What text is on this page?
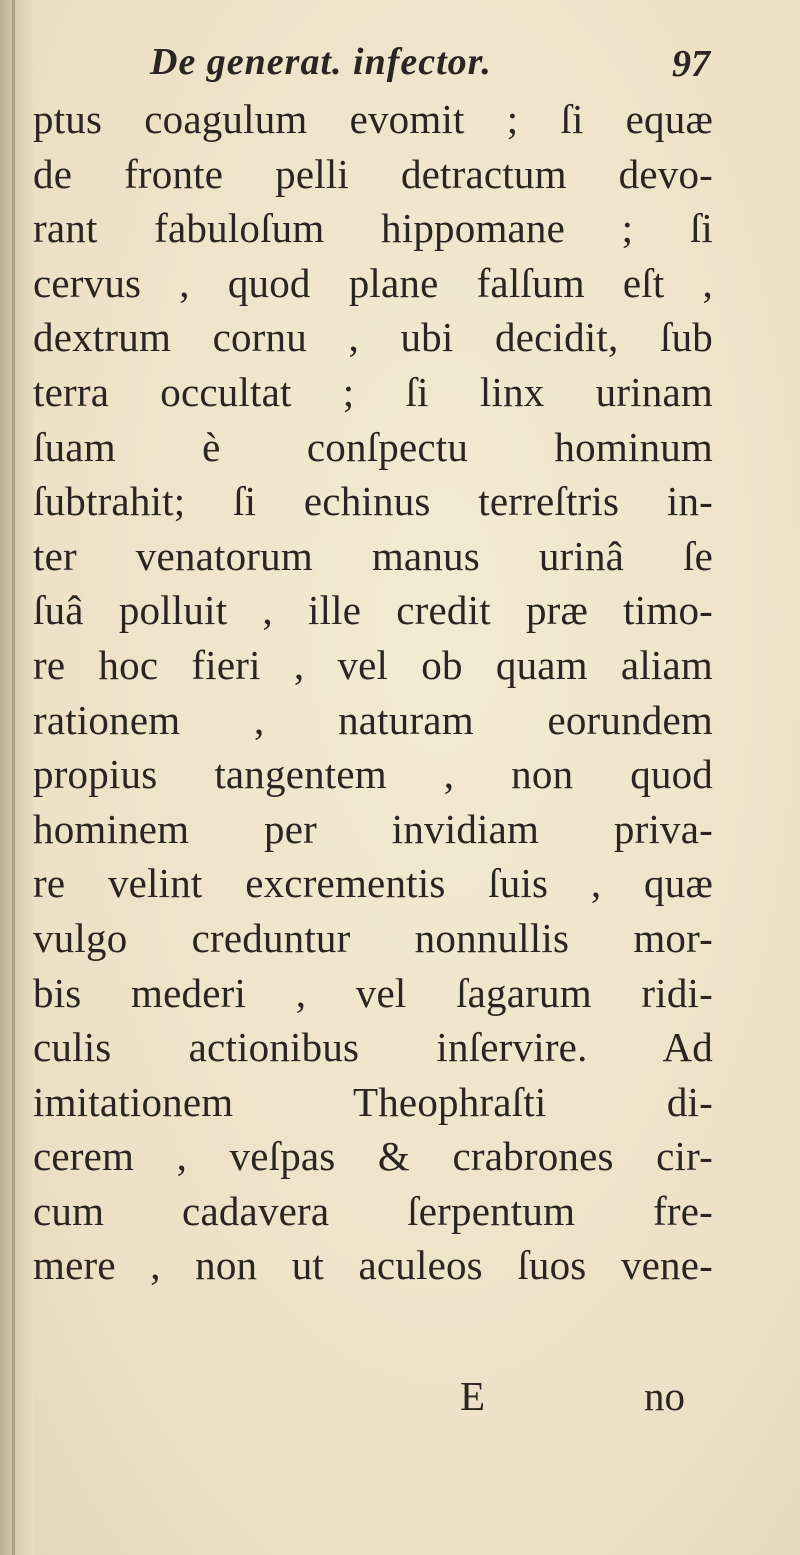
De generat. infector.	97
ptus coagulum evomit ; ſi equæ
de fronte pelli detractum devo-
rant fabuloſum hippomane ; ſi
cervus , quod plane falſum eſt ,
dextrum cornu , ubi decidit, ſub
terra occultat ; ſi linx urinam
ſuam è conſpectu hominum
ſubtrahit; ſi echinus terreſtris in-
ter venatorum manus urinâ ſe
ſuâ polluit , ille credit præ timo-
re hoc fieri , vel ob quam aliam
rationem , naturam eorundem
propius tangentem , non quod
hominem per invidiam priva-
re velint excrementis ſuis , quæ
vulgo creduntur nonnullis mor-
bis mederi , vel ſagarum ridi-
culis actionibus inſervire. Ad
imitationem Theophraſti di-
cerem , veſpas & crabrones cir-
cum cadavera ſerpentum fre-
mere , non ut aculeos ſuos vene-
E	no
